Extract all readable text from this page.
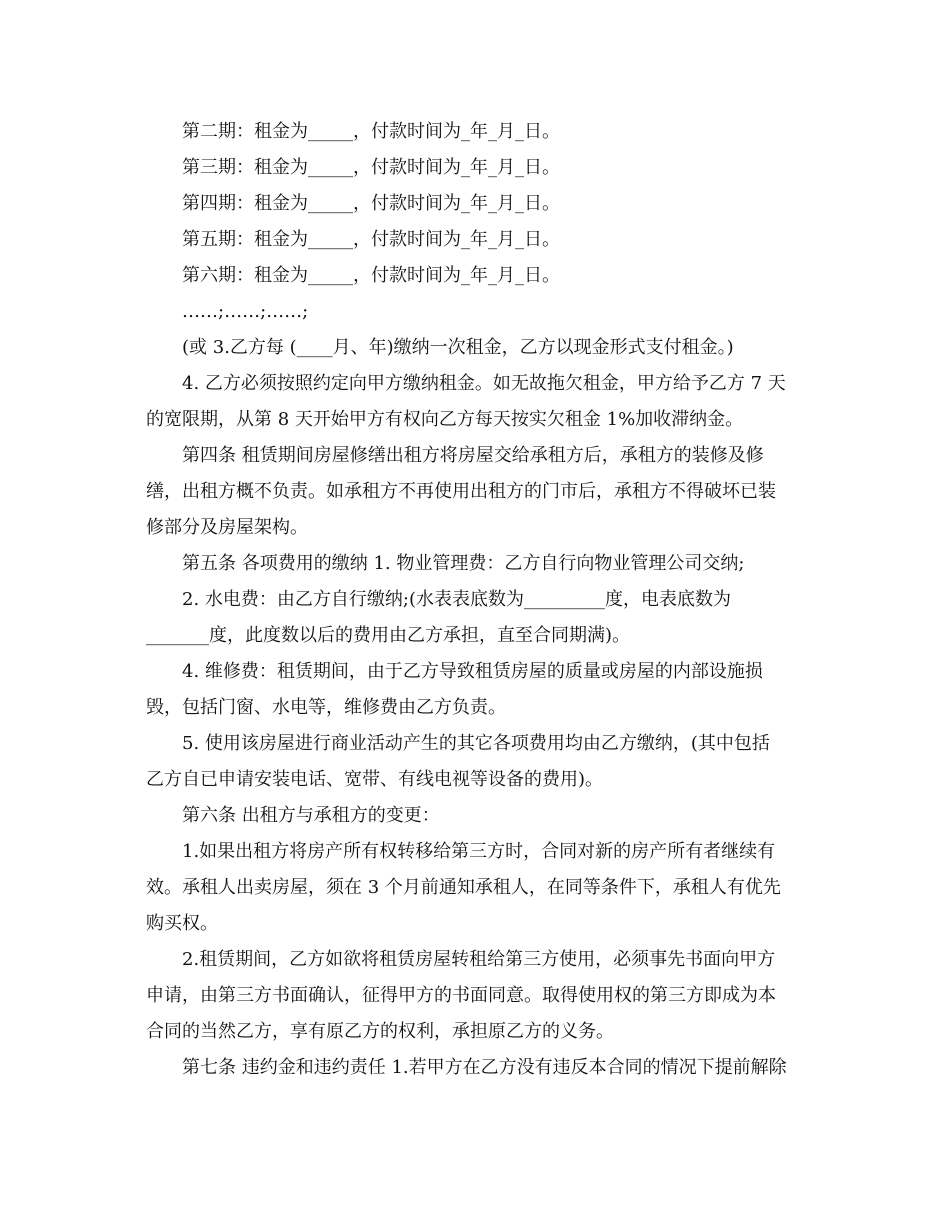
第二期：租金为_____，付款时间为_年_月_日。
第三期：租金为_____，付款时间为_年_月_日。
第四期：租金为_____，付款时间为_年_月_日。
第五期：租金为_____，付款时间为_年_月_日。
第六期：租金为_____，付款时间为_年_月_日。
……;……;……;
(或 3.乙方每 (____月、年)缴纳一次租金，乙方以现金形式支付租金。)
4. 乙方必须按照约定向甲方缴纳租金。如无故拖欠租金，甲方给予乙方 7 天
的宽限期，从第 8 天开始甲方有权向乙方每天按实欠租金 1%加收滞纳金。
第四条 租赁期间房屋修缮出租方将房屋交给承租方后，承租方的装修及修
缮，出租方概不负责。如承租方不再使用出租方的门市后，承租方不得破坏已装
修部分及房屋架构。
第五条 各项费用的缴纳 1. 物业管理费：乙方自行向物业管理公司交纳;
2. 水电费：由乙方自行缴纳;(水表表底数为_________度，电表底数为
_______度，此度数以后的费用由乙方承担，直至合同期满)。
4. 维修费：租赁期间，由于乙方导致租赁房屋的质量或房屋的内部设施损
毁，包括门窗、水电等，维修费由乙方负责。
5. 使用该房屋进行商业活动产生的其它各项费用均由乙方缴纳，(其中包括
乙方自已申请安装电话、宽带、有线电视等设备的费用)。
第六条 出租方与承租方的变更：
1.如果出租方将房产所有权转移给第三方时，合同对新的房产所有者继续有
效。承租人出卖房屋，须在 3 个月前通知承租人，在同等条件下，承租人有优先
购买权。
2.租赁期间，乙方如欲将租赁房屋转租给第三方使用，必须事先书面向甲方
申请，由第三方书面确认，征得甲方的书面同意。取得使用权的第三方即成为本
合同的当然乙方，享有原乙方的权利，承担原乙方的义务。
第七条 违约金和违约责任 1.若甲方在乙方没有违反本合同的情况下提前解除
